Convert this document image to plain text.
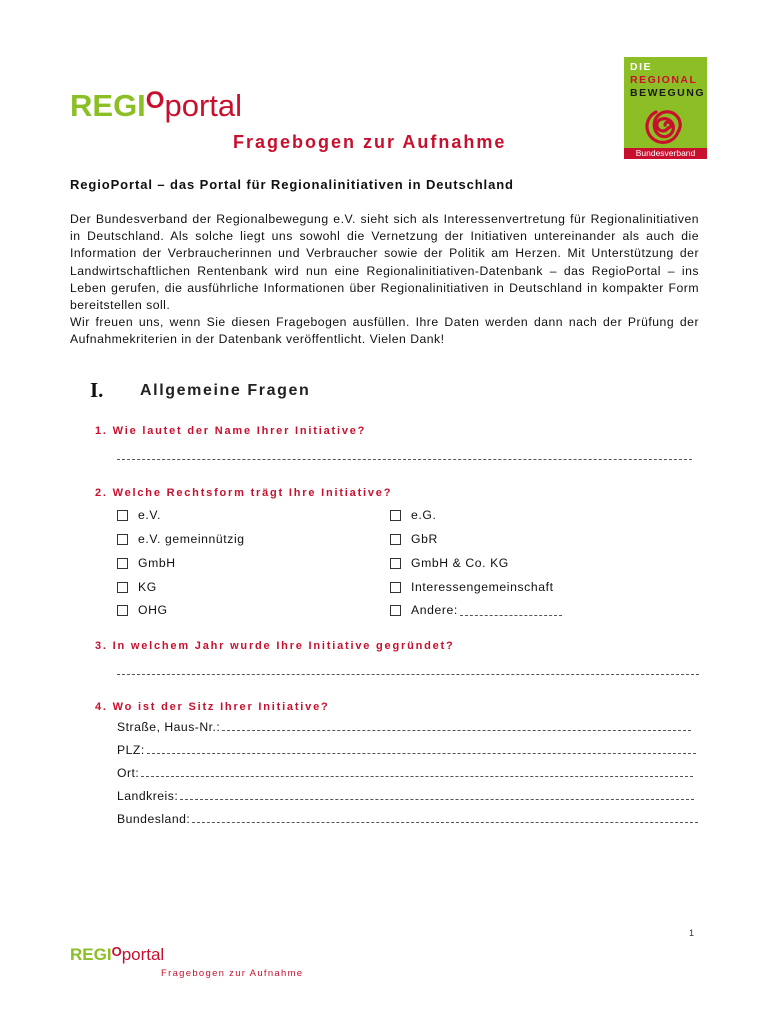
$REGI^Oportal$
Fragebogen zur Aufnahme
DIE
REGIONAL
BEWEGUNG
Bundesverband
RegioPortal – das Portal für Regionalinitiativen in Deutschland

Der Bundesverband der Regionalbewegung e.V. sieht sich als Interessenvertretung für Regionalinitiativen in Deutschland. Als solche liegt uns sowohl die Vernetzung der Initiativen untereinander als auch die Information der Verbraucherinnen und Verbraucher sowie der Politik am Herzen. Mit Unterstützung der Landwirtschaftlichen Rentenbank wird nun eine Regionalinitiativen-Datenbank – das RegioPortal – ins Leben gerufen, die ausführliche Informationen über Regionalinitiativen in Deutschland in kompakter Form bereitstellen soll.

Wir freuen uns, wenn Sie diesen Fragebogen ausfüllen. Ihre Daten werden dann nach der Prüfung der Aufnahmekriterien in der Datenbank veröffentlicht. Vielen Dank!

I. Allgemeine Fragen
1. Wie lautet der Name Ihrer Initiative?
2. Welche Rechtsform trägt Ihre Initiative?
e.V.
e.V. gemeinnützig
GmbH
KG
OHG
e.G.
GbR
GmbH & Co. KG
Interessengemeinschaft
Andere:
3. In welchem Jahr wurde Ihre Initiative gegründet?
4. Wo ist der Sitz Ihrer Initiative?
Straße, Haus-Nr.:
PLZ:
Ort:
Landkreis:
Bundesland:
1
$REGI^Oportal$
Fragebogen zur Aufnahme
